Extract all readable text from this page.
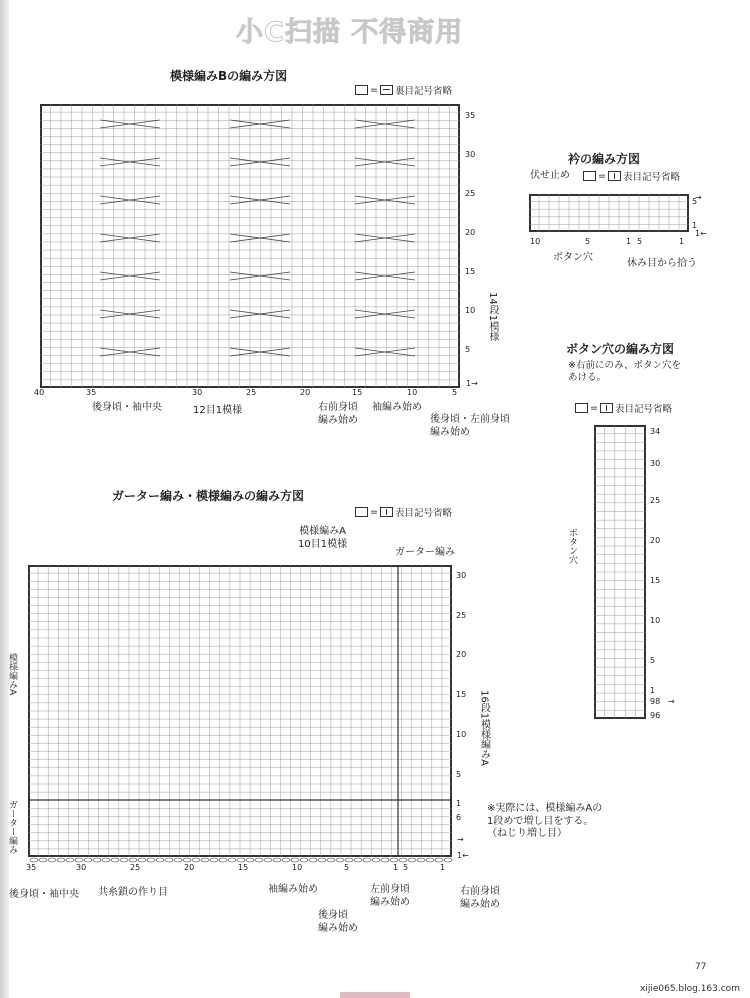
小C扫描 不得商用
模様編みBの編み方図
= 裏目記号省略
14段1模様
12目1模様
後身頃・袖中央	右前身頃
編み始め
袖編み始め
後身頃・左前身頃
編み始め
1→
衿の編み方図
伏せ止め	= 表目記号省略
ボタン穴
休み目から拾う
→
1←
ボタン穴の編み方図
※右前にのみ、ボタン穴を
あける。
= 表目記号省略
ボタン穴
→
ガーター編み・模様編みの編み方図
= 表目記号省略
模様編みA
10目1模様
ガーター編み
模様編みA
ガーター編み
16段1模様編みA
→
1←
後身頃・袖中央 共糸鎖の作り目	袖編み始め
後身頃
編み始め
左前身頃
編み始め
右前身頃
編み始め
※実際には、模様編みAの
1段めで増し目をする。
（ねじり増し目）
77
xijie065.blog.163.com
35
30
25
20
15
10
5
40	35	30	25	20	15	10	5
10	5	1 5	1
5
1
34
30
25
20
15
10
5
1
98
96
30
25
20
15
10
5
1
6
35	30	25	20	15	10	5	1 5	1
